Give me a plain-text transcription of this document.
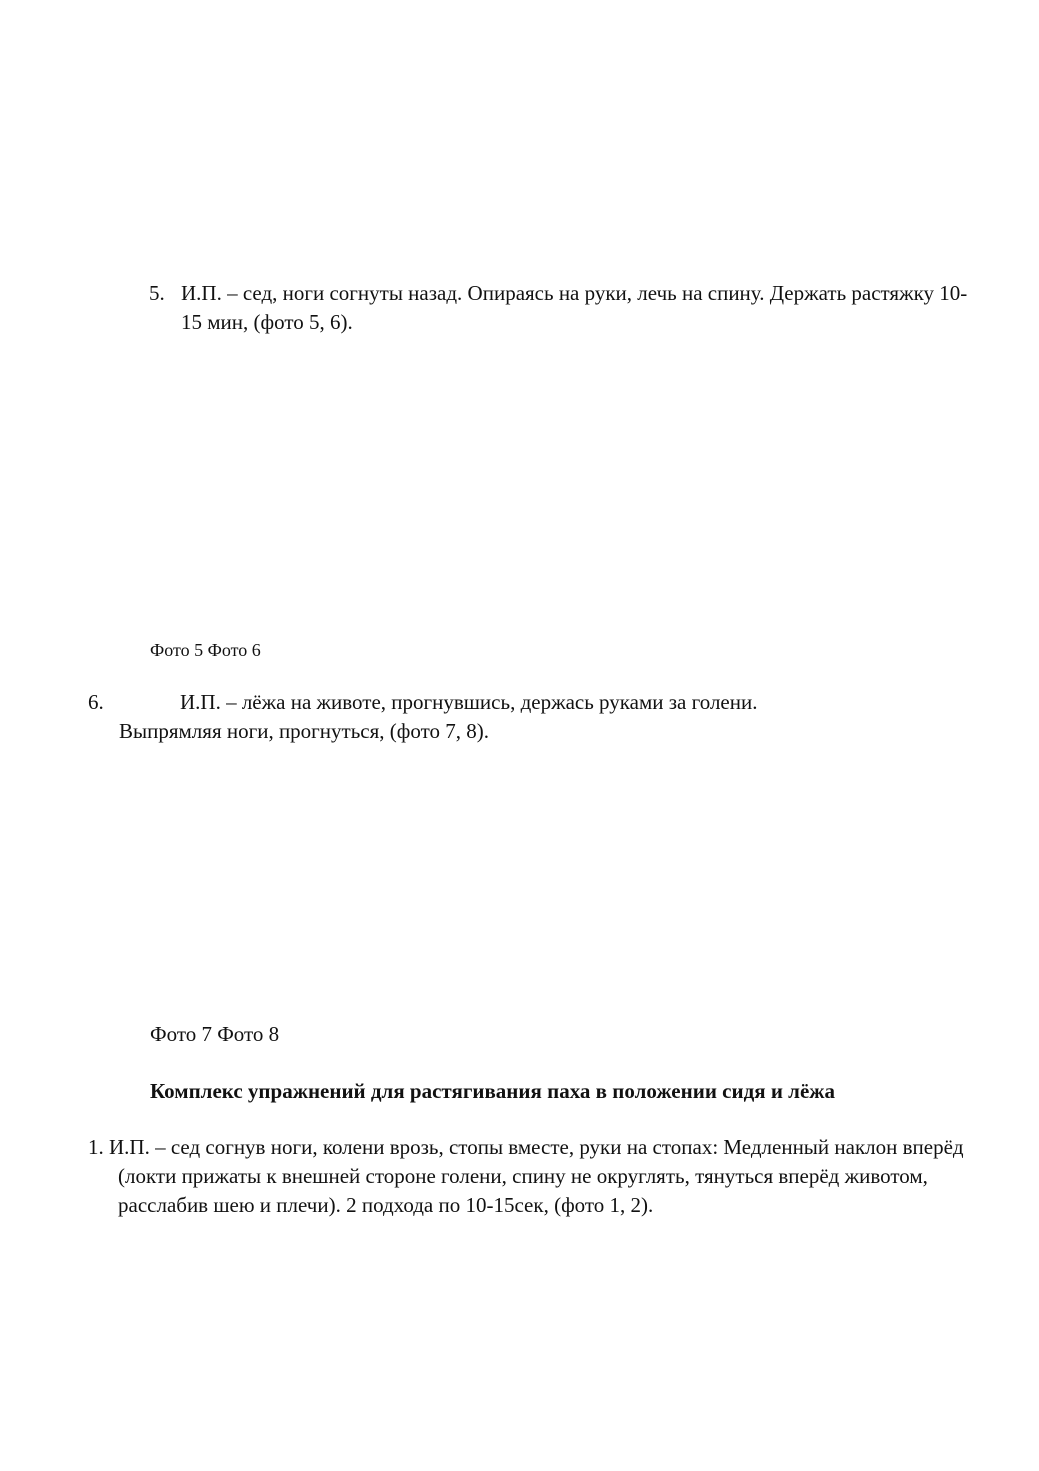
5. И.П. – сед, ноги согнуты назад. Опираясь на руки, лечь на спину. Держать растяжку 10-15 мин, (фото 5, 6).
Фото 5 Фото 6
6.	И.П. – лёжа на животе, прогнувшись, держась руками за голени.
Выпрямляя ноги, прогнуться, (фото 7, 8).
Фото 7 Фото 8
Комплекс упражнений для растягивания паха в положении сидя и лёжа
1. И.П. – сед согнув ноги, колени врозь, стопы вместе, руки на стопах: Медленный наклон вперёд (локти прижаты к внешней стороне голени, спину не округлять, тянуться вперёд животом, расслабив шею и плечи). 2 подхода по 10-15сек, (фото 1, 2).
